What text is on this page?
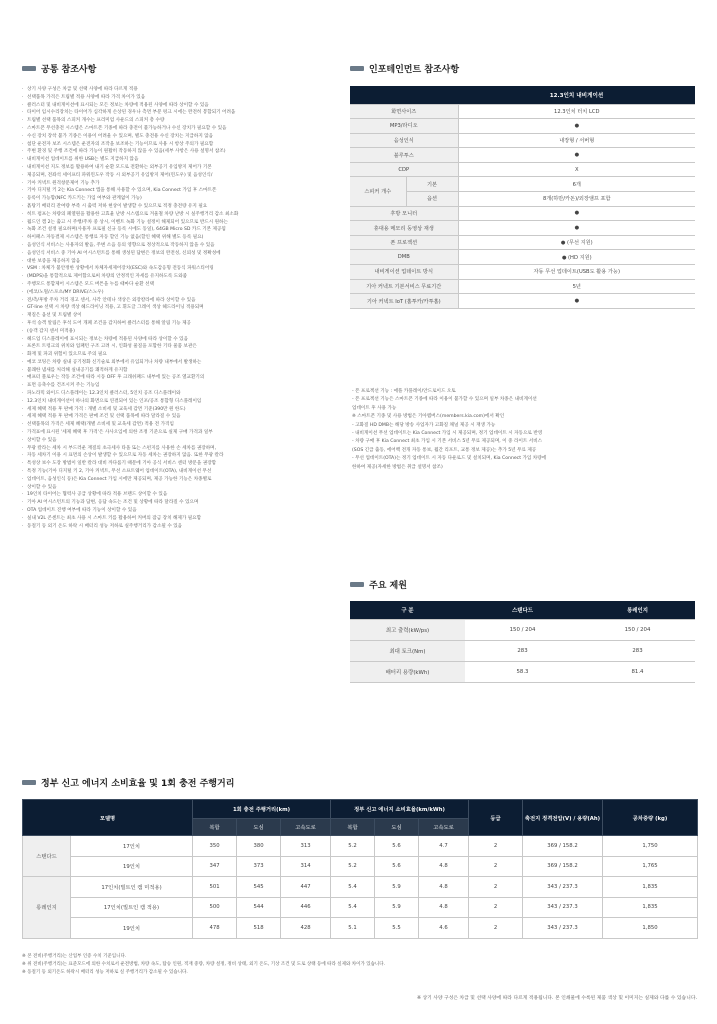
공통 참조사항
· 상기 사양 구성은 차급 및 선택 사양에 따라 다르게 적용
· 선택품목 가격은 트림별 적용 사양에 따라 가격 차이가 있음
· 클러스터 및 내비게이션에 표시되는 모든 정보는 차량에 적용된 사양에 따라 상이할 수 있음
· 타이어 임시수리장치는 타이어가 심각하게 손상된 경우나 측면 부분 펑크 시에는 완전히 봉합되기 어려움
· 트림별 선택 품목의 스피커 개수는 프리미엄 사운드의 스피커 총 수량
· 스마트폰 무선충전 시스템은 스마트폰 기종에 따라 충전이 불가능하거나 수신 장치가 필요할 수 있음
· 수신 장치 장착 불가 기종은 이용이 어려울 수 있으며, 별도 충전용 수신 장치는 지급하지 않음
· 첨단 운전자 보조 시스템은 운전자의 조작을 보조하는 기능이므로 사용 시 항상 주의가 필요함
· 주변 환경 및 주행 조건에 따라 기능이 원활히 작동하지 않을 수 있음(세부 사항은 사용 설명서 참조)
· 내비게이션 업데이트를 위한 USB는 별도 지급하지 않음
· 내비게이션 지도 정보를 활용하여 내기 순환 모드로 전환하는 외부공기 유입방지 제어가 기본
· 제공되며, 전좌석 세이프티 파워윈도우 작동 시 외부공기 유입방지 제어(윈도우) 및 음성인식/
· 기아 커넥트 원격창문제어 기능 추가
· 기아 디지털 키 2는 Kia Connect 앱을 통해 사용할 수 있으며, Kia Connect 가입 후 스마트폰
· 등록이 가능함(NFC 카드키는 가입 여부와 관계없이 가능)
· 흙탕기 배터리 잔여량 부족 시 출력 저하 현상이 발생할 수 있으므로 적정 충전량 유지 필요
· 히트 펌프는 차량의 폐열원을 활용한 고효율 난방 시스템으로 겨울철 차량 난방 시 실주행거리 감소 최소화
· 월드인 캠 2는 출고 시 주행/주차 중 상시, 이벤트 녹화 기능 설정이 해제되어 있으므로 반드시 원하는
· 녹화 조건 설정 필요하며(사용자 프로필 신규 등록 시에도 동일), 64GB Micro SD 카드 기본 제공됨
· 하이패스 자동결제 시스템은 통행료 자동 할인 기능 없음(할인 혜택 위해 별도 등록 필요)
· 음성인식 서비스는 사용자의 발음, 주변 소음 등의 영향으로 정상적으로 작동하지 않을 수 있음
· 음성인식 서비스 중 기아 AI 어시스턴트를 통해 생성된 답변은 정보의 완전성, 신뢰성 및 정확성에
· 대한 보증을 제공하지 않음
· VSM : 차체가 불안정한 상황에서 차체자세제어장치(ESC)와 속도감응형 전동식 파워스티어링
· (MDPS)을 통합적으로 제어함으로써 차량의 안정적인 자세를 유지하도록 도와줌
· 주행모드 통합제어 시스템은 모드 버튼을 누를 때마다 순환 선택
· (에코/노멀/스포츠/MY DRIVE/스노우)
· 전/측/후방 주차 거리 경고 센서, 사각 안테나 색상은 외장칼라에 따라 상이할 수 있음
· GT-line 선택 시 차량 색상 헤드라이닝 적용, 고 휘도글 그레이 색상 헤드라이닝 적용되며
· 재질은 옵션 및 트림별 상이
· 후석 승객 알림은 후석 도어 개폐 조건을 감지하여 클러스터를 통해 알림 기능 제공
· (승객 감지 센서 미적용)
· 헤드업 디스플레이에 표시되는 정보는 차량에 적용된 사양에 따라 상이할 수 있음
· 프론트 트렁크의 위치와 업패턴 구조 고려 시, 인화성 물질을 포함한 기타 물품 보관은
· 화재 및 파괴 위험이 있으므로 주의 필요
· 예코 코팅은 차량 실내 공기정화 신기술로 외부에서 유입되거나 차량 내부에서 발생하는
· 불쾌한 냄새를 처리해 실내공기를 쾌적하게 유지함
· 매프터 블로우는 작동 조건에 따라 시동 OFF 후 크래쉬패드 내부에 있는 공조 열교환기의
· 표면 응축수를 건조시켜 주는 기능임
· 파노라믹 와이드 디스플레이는 12.3인치 클러스터, 5인치 공조 디스플레이와
· 12.3인치 내비게이션이 하나의 화면으로 연결되어 있는 인포/공조 통합형 디스플레이임
· 세제 혜택 적용 후 판매 가격 : 개별 소비세 및 교육세 감면 기준(390만 원 한도)
· 세제 혜택 적용 후 판매 가격은 판매 조건 및 선택 품목에 따라 달라질 수 있음
· 선택품목의 가격은 세제 혜택(개별 소비세 및 교육세 감면) 적용 전 가격임
· 가격표에 표시된 '세제 혜택 후 가격'은 사사오입에 의한 조정 기준으로 실제 구매 가격과 일부
· 상이할 수 있음
· 무광 칼라는 세차 시 부드러운 재질의 초극세사 타올 또는 스펀지를 사용한 손 세차를 권장하며,
· 자동 세차기 이용 시 표면의 손상이 발생할 수 있으므로 자동 세차는 권장하지 않음. 또한 무광 칼라
· 특성상 보수 도장 방법이 일반 칼라 대비 까다롭기 때문에 기아 공식 서비스 센터 방문을 권장함
· 특정 기능(기아 디지털 키 2, 기아 커넥트, 무선 소프트웨어 업데이트(OTA), 내비게이션 무선
· 업데이트, 음성인식 등)은 Kia Connect 가입 시에만 제공되며, 제공 가능한 기능은 차종별로
· 상이할 수 있음
· 19인치 타이어는 협력사 공급 상황에 따라 적용 브랜드 상이할 수 있음
· 기아 AI 어시스턴트의 기능과 답변, 응답 속도는 조건 및 상황에 따라 달라질 수 있으며
· OTA 업데이트 진행 여부에 따라 기능이 상이할 수 있음
· 실내 V2L 콘센트는 최초 사용 시 스마트 키를 활용하여 커버의 잠금 장치 해제가 필요함
· 동절기 등 외기 온도 하락 시 배터리 성능 저하로 실주행거리가 감소될 수 있음
인포테인먼트 참조사항
		12.3인치 내비게이션
화면사이즈		12.3인치 터치 LCD
MP3/라디오		●
음성인식		내장형 / 서버형
블루투스		●
CDP		X
스피커 개수	기본	6개
	옵션	8개(하만/카돈)/외장앰프 포함
후방 모니터		●
휴대용 메모리 동영상 재생		●
폰 프로젝션		● (무선 지원)
DMB		● (HD 지원)
내비게이션 업데이트 방식		자동 무선 업데이트(USB도 활용 가능)
기아 커넥트 기본서비스 무료기간		5년
기아 커넥트 IoT (홈투카/카투홈)		●
- 폰 프로젝션 기능 : 애플 카플레이/안드로이드 오토
- 폰 프로젝션 기능은 스마트폰 기종에 따라 이용이 불가할 수 있으며 일부 차종은 내비게이션
업데이트 후 사용 가능
※ 스마트폰 기종 및 사용 방법은 기아멤버스(members.kia.com)에서 확인
- 고화질 HD DMB는 해당 방송 사업자가 고화질 채널 제공 시 재생 가능
- 내비게이션 무선 업데이트는 Kia Connect 가입 시 제공되며, 정기 업데이트 시 자동으로 반영
- 차량 구매 후 Kia Connect 최초 가입 시 기본 서비스 5년 무료 제공되며, 이 중 라이트 서비스
(SOS 긴급 출동, 에어백 전개 자동 통보, 월간 리포트, 교통 정보 제공)는 추가 5년 무료 제공
- 무선 업데이트(OTA)는 정기 업데이트 시 자동 다운로드 및 설치되며, Kia Connect 가입 차량에
한하여 제공(자세한 방법은 취급 설명서 참조)
주요 제원
구 분	스탠다드	롱레인지
최고 출력(kW/ps)	150 / 204	150 / 204
최대 토크(Nm)	283	283
배터리 용량(kWh)	58.3	81.4
정부 신고 에너지 소비효율 및 1회 충전 주행거리
모델명		1회 충전 주행거리(km)			정부 신고 에너지 소비효율(km/kWh)			등급	축전지 정격전압(V) / 용량(Ah)	공차중량 (kg)
		복합	도심	고속도로	복합	도심	고속도로			
스탠다드	17인치	350	380	313	5.2	5.6	4.7	2	369 / 158.2	1,750
	19인치	347	373	314	5.2	5.6	4.8	2	369 / 158.2	1,765
롱레인지	17인치(빌트인 캠 미적용)	501	545	447	5.4	5.9	4.8	2	343 / 237.3	1,835
	17인치(빌트인 캠 적용)	500	544	446	5.4	5.9	4.8	2	343 / 237.3	1,835
	19인치	478	518	428	5.1	5.5	4.6	2	343 / 237.3	1,850
※ 본 전비(주행거리)는 산업부 인증 수치 기준입니다.
※ 위 전비(주행거리)는 표준모드에 의한 수치로서 운전방법, 차량 속도, 탑승 인원, 적재 중량, 차량 설정, 정비 상태, 외기 온도, 기상 조건 및 도로 상태 등에 따라 실제와 차이가 있습니다.
※ 동절기 등 외기온도 하락시 배터리 성능 저하로 실 주행거리가 감소될 수 있습니다.
※ 상기 사양 구성은 차급 및 선택 사양에 따라 다르게 적용됩니다. 본 인쇄물에 수록된 제품 색상 및 이미지는 실제와 다를 수 있습니다.
